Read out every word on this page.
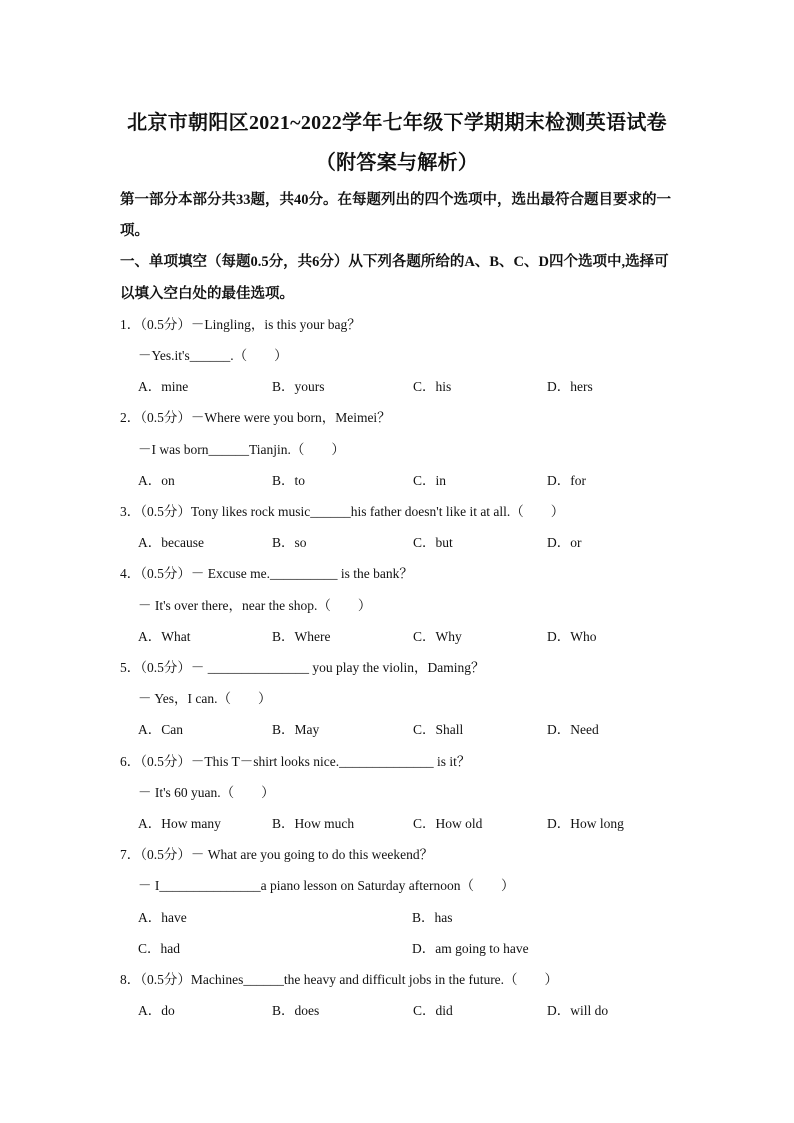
北京市朝阳区2021~2022学年七年级下学期期末检测英语试卷
（附答案与解析）
第一部分本部分共33题，共40分。在每题列出的四个选项中，选出最符合题目要求的一
项。
一、单项填空（每题0.5分，共6分）从下列各题所给的A、B、C、D四个选项中,选择可
以填入空白处的最佳选项。
1．（0.5分）－Lingling，is this your bag？
－Yes.it's______.（　　）
A．mine	B．yours	C．his	D．hers
2．（0.5分）－Where were you born，Meimei？
－I was born______Tianjin.（　　）
A．on	B．to	C．in	D．for
3．（0.5分）Tony likes rock music______his father doesn't like it at all.（　　）
A．because	B．so	C．but	D．or
4．（0.5分）－ Excuse me.__________ is the bank？
－ It's over there，near the shop.（　　）
A．What	B．Where	C．Why	D．Who
5．（0.5分）－ _______________ you play the violin，Daming？
－ Yes，I can.（　　）
A．Can	B．May	C．Shall	D．Need
6．（0.5分）－This T－shirt looks nice.______________ is it？
－ It's 60 yuan.（　　）
A．How many	B．How much	C．How old	D．How long
7．（0.5分）－ What are you going to do this weekend？
－ I_______________a piano lesson on Saturday afternoon（　　）
A．have	B．has
C．had	D．am going to have
8．（0.5分）Machines______the heavy and difficult jobs in the future.（　　）
A．do	B．does	C．did	D．will do
